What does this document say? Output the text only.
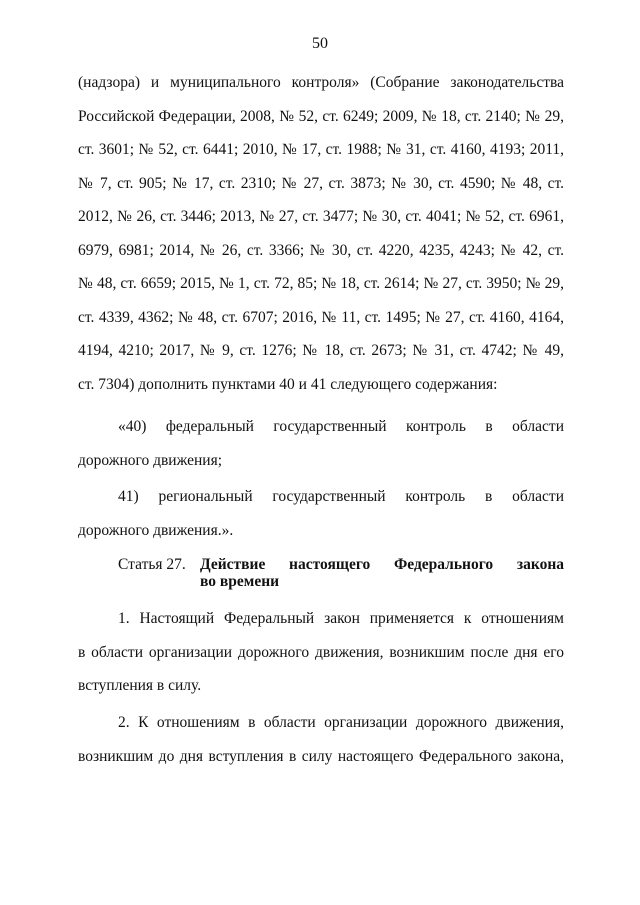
50
(надзора) и муниципального контроля» (Собрание законодательства
Российской Федерации, 2008, № 52, ст. 6249; 2009, № 18, ст. 2140; № 29,
ст. 3601; № 52, ст. 6441; 2010, № 17, ст. 1988; № 31, ст. 4160, 4193; 2011,
№ 7, ст. 905; № 17, ст. 2310; № 27, ст. 3873; № 30, ст. 4590; № 48, ст.
2012, № 26, ст. 3446; 2013, № 27, ст. 3477; № 30, ст. 4041; № 52, ст. 6961,
6979, 6981; 2014, № 26, ст. 3366; № 30, ст. 4220, 4235, 4243; № 42, ст.
№ 48, ст. 6659; 2015, № 1, ст. 72, 85; № 18, ст. 2614; № 27, ст. 3950; № 29,
ст. 4339, 4362; № 48, ст. 6707; 2016, № 11, ст. 1495; № 27, ст. 4160, 4164,
4194, 4210; 2017, № 9, ст. 1276; № 18, ст. 2673; № 31, ст. 4742; № 49,
ст. 7304) дополнить пунктами 40 и 41 следующего содержания:
«40) федеральный государственный контроль в области
дорожного движения;
41) региональный государственный контроль в области
дорожного движения.».
Статья 27. Действие настоящего Федерального закона
во времени
1. Настоящий Федеральный закон применяется к отношениям
в области организации дорожного движения, возникшим после дня его
вступления в силу.
2. К отношениям в области организации дорожного движения,
возникшим до дня вступления в силу настоящего Федерального закона,
